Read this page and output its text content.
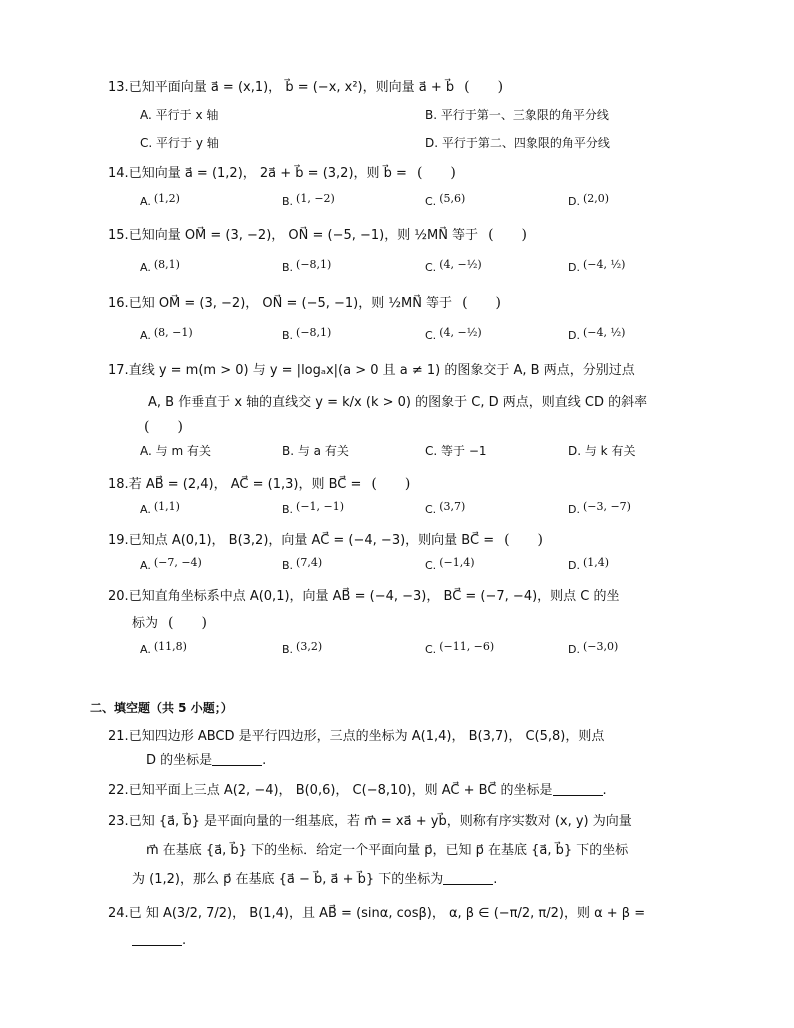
13.已知平面向量 a⃗ = (x,1)， b⃗ = (−x, x²)，则向量 a⃗ + b⃗ (　　)
A. 平行于 x 轴	B. 平行于第一、三象限的角平分线
C. 平行于 y 轴	D. 平行于第二、四象限的角平分线
14.已知向量 a⃗ = (1,2)， 2a⃗ + b⃗ = (3,2)，则 b⃗ = (　　)
A. (1,2)	B. (1, −2)	C. (5,6)	D. (2,0)
15.已知向量 OM⃗ = (3, −2)， ON⃗ = (−5, −1)，则 ½MN⃗ 等于 (　　)
A. (8,1)	B. (−8,1)	C. (4, −½)	D. (−4, ½)
16.已知 OM⃗ = (3, −2)， ON⃗ = (−5, −1)，则 ½MN⃗ 等于 (　　)
A. (8, −1)	B. (−8,1)	C. (4, −½)	D. (−4, ½)
17.直线 y = m(m > 0) 与 y = |logₐx|(a > 0 且 a ≠ 1) 的图象交于 A, B 两点，分别过点
A, B 作垂直于 x 轴的直线交 y = k/x (k > 0) 的图象于 C, D 两点，则直线 CD 的斜率
(　　)
A. 与 m 有关	B. 与 a 有关	C. 等于 −1	D. 与 k 有关
18.若 AB⃗ = (2,4)， AC⃗ = (1,3)，则 BC⃗ = (　　)
A. (1,1)	B. (−1, −1)	C. (3,7)	D. (−3, −7)
19.已知点 A(0,1)， B(3,2)，向量 AC⃗ = (−4, −3)，则向量 BC⃗ = (　　)
A. (−7, −4)	B. (7,4)	C. (−1,4)	D. (1,4)
20.已知直角坐标系中点 A(0,1)，向量 AB⃗ = (−4, −3)， BC⃗ = (−7, −4)，则点 C 的坐
标为 (　　)
A. (11,8)	B. (3,2)	C. (−11, −6)	D. (−3,0)
二、填空题（共 5 小题；）
21.已知四边形 ABCD 是平行四边形，三点的坐标为 A(1,4)， B(3,7)， C(5,8)，则点
D 的坐标是	.
22.已知平面上三点 A(2, −4)， B(0,6)， C(−8,10)，则 AC⃗ + BC⃗ 的坐标是	.
23.已知 {a⃗, b⃗} 是平面向量的一组基底，若 m⃗ = xa⃗ + yb⃗，则称有序实数对 (x, y) 为向量
m⃗ 在基底 {a⃗, b⃗} 下的坐标．给定一个平面向量 p⃗，已知 p⃗ 在基底 {a⃗, b⃗} 下的坐标
为 (1,2)，那么 p⃗ 在基底 {a⃗ − b⃗, a⃗ + b⃗} 下的坐标为	.
24.已 知 A(3/2, 7/2)， B(1,4)，且 AB⃗ = (sinα, cosβ)， α, β ∈ (−π/2, π/2)，则 α + β =
.
